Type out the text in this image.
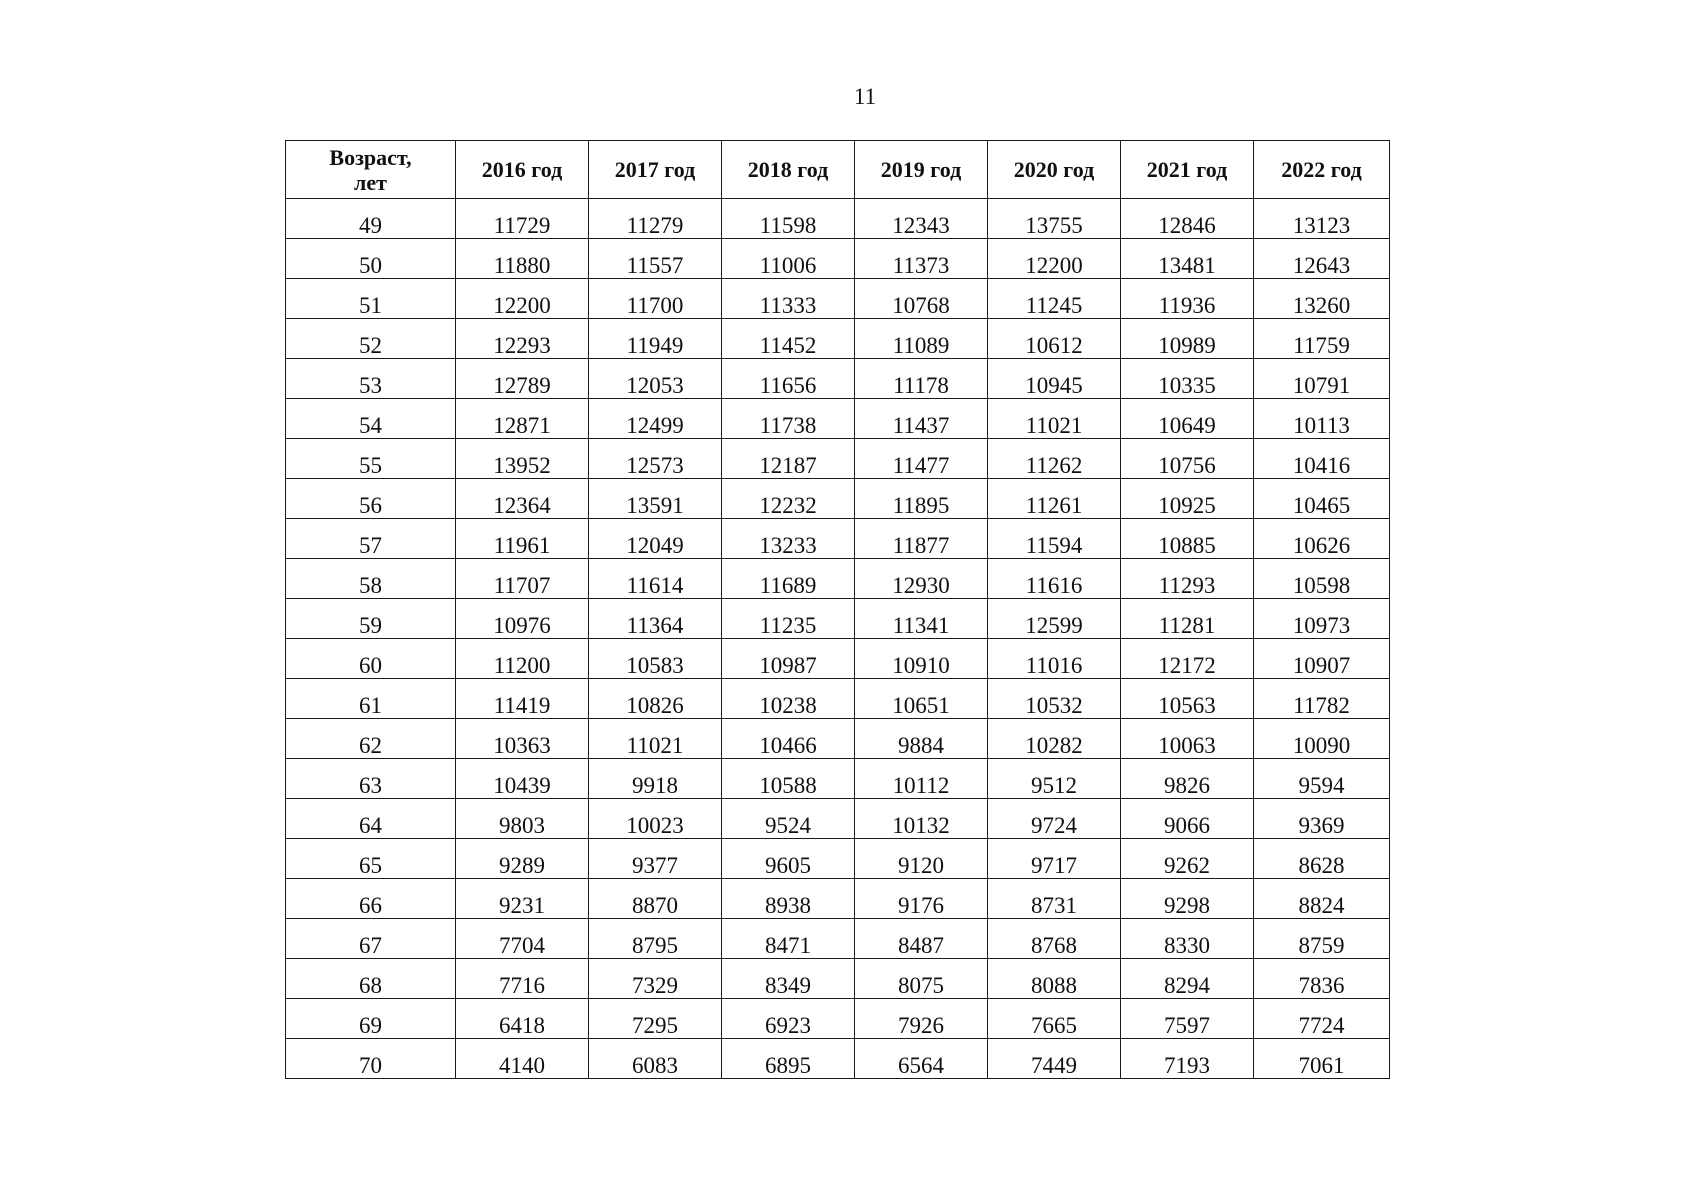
11
Возраст,
лет	2016 год	2017 год	2018 год	2019 год	2020 год	2021 год	2022 год
49	11729	11279	11598	12343	13755	12846	13123
50	11880	11557	11006	11373	12200	13481	12643
51	12200	11700	11333	10768	11245	11936	13260
52	12293	11949	11452	11089	10612	10989	11759
53	12789	12053	11656	11178	10945	10335	10791
54	12871	12499	11738	11437	11021	10649	10113
55	13952	12573	12187	11477	11262	10756	10416
56	12364	13591	12232	11895	11261	10925	10465
57	11961	12049	13233	11877	11594	10885	10626
58	11707	11614	11689	12930	11616	11293	10598
59	10976	11364	11235	11341	12599	11281	10973
60	11200	10583	10987	10910	11016	12172	10907
61	11419	10826	10238	10651	10532	10563	11782
62	10363	11021	10466	9884	10282	10063	10090
63	10439	9918	10588	10112	9512	9826	9594
64	9803	10023	9524	10132	9724	9066	9369
65	9289	9377	9605	9120	9717	9262	8628
66	9231	8870	8938	9176	8731	9298	8824
67	7704	8795	8471	8487	8768	8330	8759
68	7716	7329	8349	8075	8088	8294	7836
69	6418	7295	6923	7926	7665	7597	7724
70	4140	6083	6895	6564	7449	7193	7061
